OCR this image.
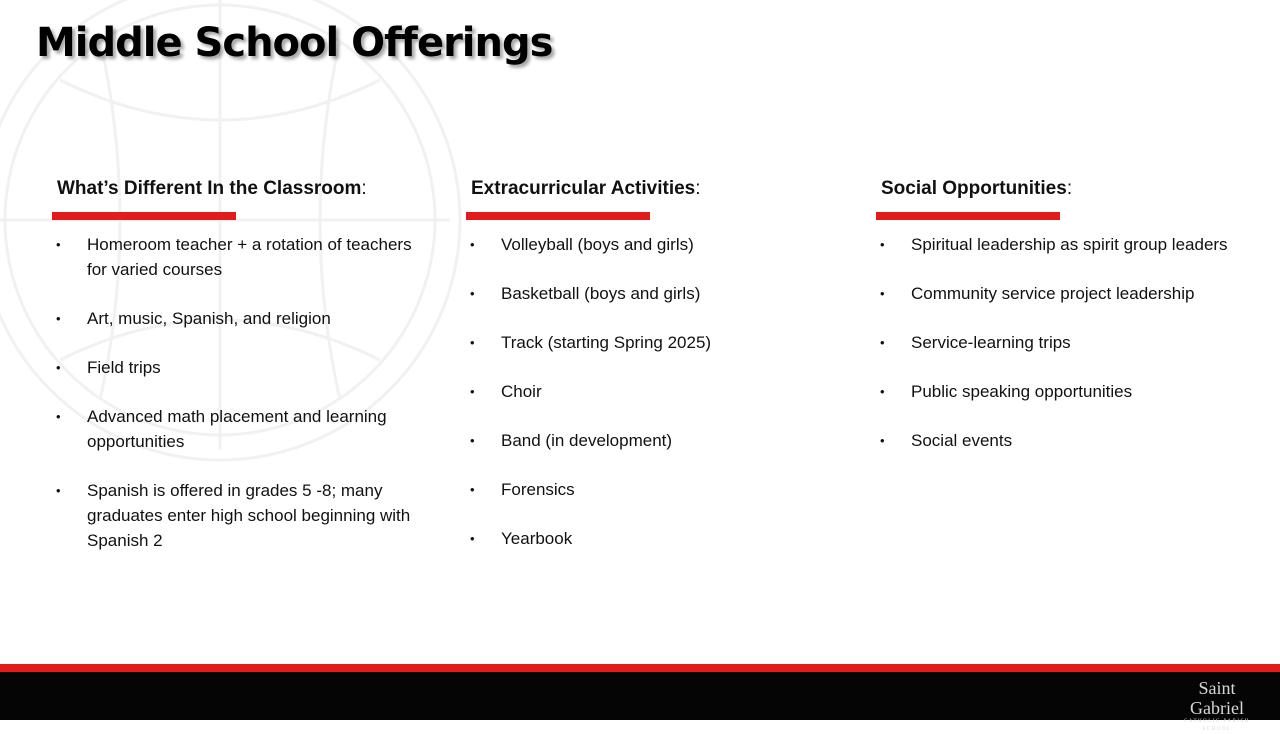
Middle School Offerings
What’s Different In the Classroom:
• Homeroom teacher + a rotation of teachers for varied courses
• Art, music, Spanish, and religion
• Field trips
• Advanced math placement and learning opportunities
• Spanish is offered in grades 5 -8; many graduates enter high school beginning with Spanish 2
Extracurricular Activities:
• Volleyball (boys and girls)
• Basketball (boys and girls)
• Track (starting Spring 2025)
• Choir
• Band (in development)
• Forensics
• Yearbook
Social Opportunities:
• Spiritual leadership as spirit group leaders
• Community service project leadership
• Service-learning trips
• Public speaking opportunities
• Social events
Saint Gabriel
CATHOLIC PARISH SCHOOL
